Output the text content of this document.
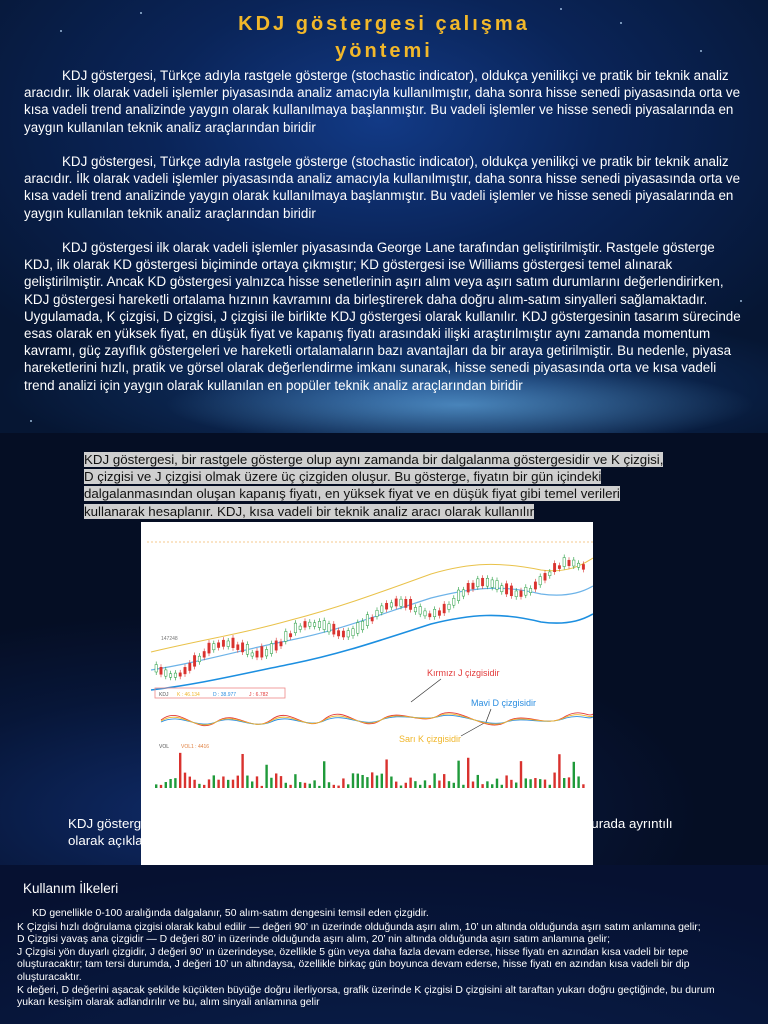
KDJ göstergesi çalışma
yöntemi

KDJ göstergesi, Türkçe adıyla rastgele gösterge (stochastic indicator), oldukça yenilikçi ve pratik bir teknik analiz aracıdır. İlk olarak vadeli işlemler piyasasında analiz amacıyla kullanılmıştır, daha sonra hisse senedi piyasasında orta ve kısa vadeli trend analizinde yaygın olarak kullanılmaya başlanmıştır. Bu vadeli işlemler ve hisse senedi piyasalarında en yaygın kullanılan teknik analiz araçlarından biridir

KDJ göstergesi, Türkçe adıyla rastgele gösterge (stochastic indicator), oldukça yenilikçi ve pratik bir teknik analiz aracıdır. İlk olarak vadeli işlemler piyasasında analiz amacıyla kullanılmıştır, daha sonra hisse senedi piyasasında orta ve kısa vadeli trend analizinde yaygın olarak kullanılmaya başlanmıştır. Bu vadeli işlemler ve hisse senedi piyasalarında en yaygın kullanılan teknik analiz araçlarından biridir

KDJ göstergesi ilk olarak vadeli işlemler piyasasında George Lane tarafından geliştirilmiştir. Rastgele gösterge KDJ, ilk olarak KD göstergesi biçiminde ortaya çıkmıştır; KD göstergesi ise Williams göstergesi temel alınarak geliştirilmiştir. Ancak KD göstergesi yalnızca hisse senetlerinin aşırı alım veya aşırı satım durumlarını değerlendirirken, KDJ göstergesi hareketli ortalama hızının kavramını da birleştirerek daha doğru alım-satım sinyalleri sağlamaktadır. Uygulamada, K çizgisi, D çizgisi, J çizgisi ile birlikte KDJ göstergesi olarak kullanılır. KDJ göstergesinin tasarım sürecinde esas olarak en yüksek fiyat, en düşük fiyat ve kapanış fiyatı arasındaki ilişki araştırılmıştır aynı zamanda momentum kavramı, güç zayıflık göstergeleri ve hareketli ortalamaların bazı avantajları da bir araya getirilmiştir. Bu nedenle, piyasa hareketlerini hızlı, pratik ve görsel olarak değerlendirme imkanı sunarak, hisse senedi piyasasında orta ve kısa vadeli trend analizi için yaygın olarak kullanılan en popüler teknik analiz araçlarından biridir

KDJ göstergesi, bir rastgele gösterge olup aynı zamanda bir dalgalanma göstergesidir ve K çizgisi, D çizgisi ve J çizgisi olmak üzere üç çizgiden oluşur. Bu gösterge, fiyatın bir gün içindeki dalgalanmasından oluşan kapanış fiyatı, en yüksek fiyat ve en düşük fiyat gibi temel verileri kullanarak hesaplanır. KDJ, kısa vadeli bir teknik analiz aracı olarak kullanılır

147248
KDJ K : 46.134	D : 38.977	J : 6.782
Kırmızı J çizgisidir
Mavi D çizgisidir
Sarı K çizgisidir
VOL VOL1 : 4416

KDJ göstergesinin hesaplama prensibi oldukça karmaşıktır. Bu nedenle yer darlığından burada ayrıntılı olarak açıklamayacağız. Yatırımcılar ilgileniyorlarsa internette araştırma yapabilirler

Kullanım İlkeleri

KD genellikle 0-100 aralığında dalgalanır, 50 alım-satım dengesini temsil eden çizgidir.

K Çizgisi hızlı doğrulama çizgisi olarak kabul edilir — değeri 90’ ın üzerinde olduğunda aşırı alım, 10’ un altında olduğunda aşırı satım anlamına gelir;

D Çizgisi yavaş ana çizgidir — D değeri 80’ in üzerinde olduğunda aşırı alım, 20’ nin altında olduğunda aşırı satım anlamına gelir;

J Çizgisi yön duyarlı çizgidir, J değeri 90’ ın üzerindeyse, özellikle 5 gün veya daha fazla devam ederse, hisse fiyatı en azından kısa vadeli bir tepe oluşturacaktır; tam tersi durumda, J değeri 10’ un altındaysa, özellikle birkaç gün boyunca devam ederse, hisse fiyatı en azından kısa vadeli bir dip oluşturacaktır.

K değeri, D değerini aşacak şekilde küçükten büyüğe doğru ilerliyorsa, grafik üzerinde K çizgisi D çizgisini alt taraftan yukarı doğru geçtiğinde, bu durum yukarı kesişim olarak adlandırılır ve bu, alım sinyali anlamına gelir
